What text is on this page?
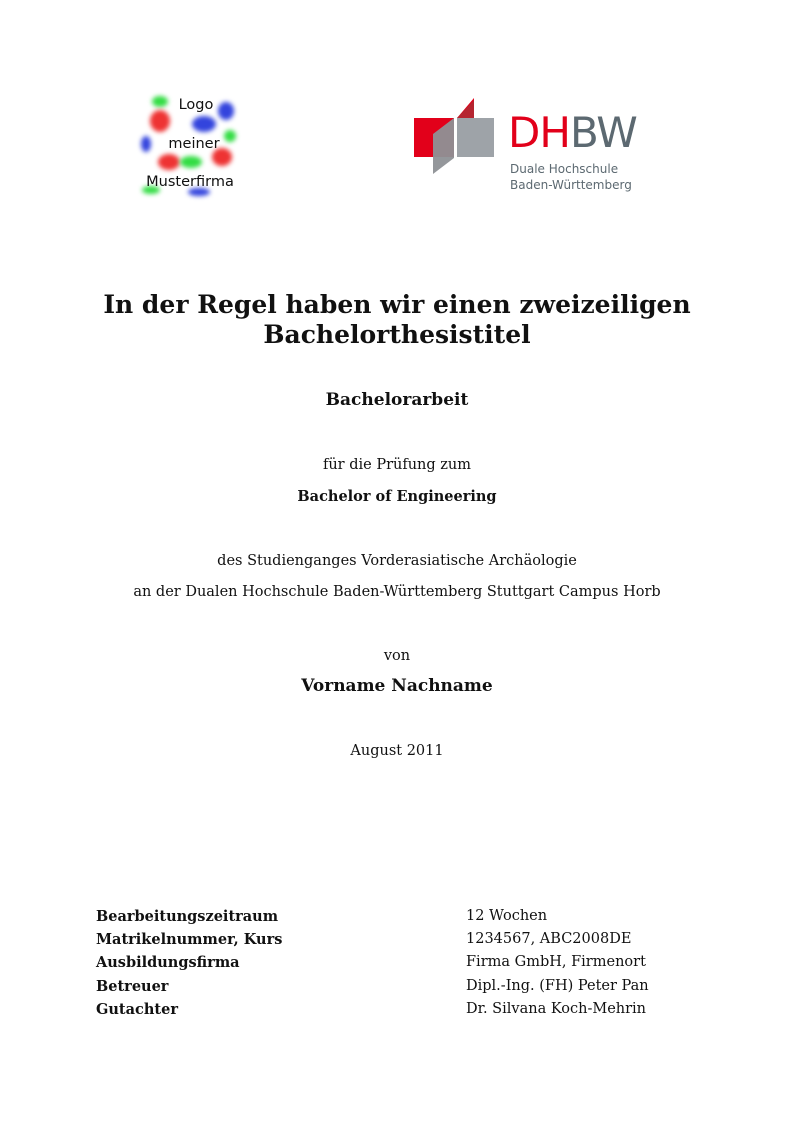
Logo
meiner
Musterfirma
DHBW
Duale Hochschule
Baden-Württemberg
In der Regel haben wir einen zweizeiligen
Bachelorthesistitel
Bachelorarbeit
für die Prüfung zum
Bachelor of Engineering
des Studienganges Vorderasiatische Archäologie
an der Dualen Hochschule Baden-Württemberg Stuttgart Campus Horb
von
Vorname Nachname
August 2011
Bearbeitungszeitraum	12 Wochen
Matrikelnummer, Kurs	1234567, ABC2008DE
Ausbildungsfirma	Firma GmbH, Firmenort
Betreuer	Dipl.-Ing. (FH) Peter Pan
Gutachter	Dr. Silvana Koch-Mehrin
